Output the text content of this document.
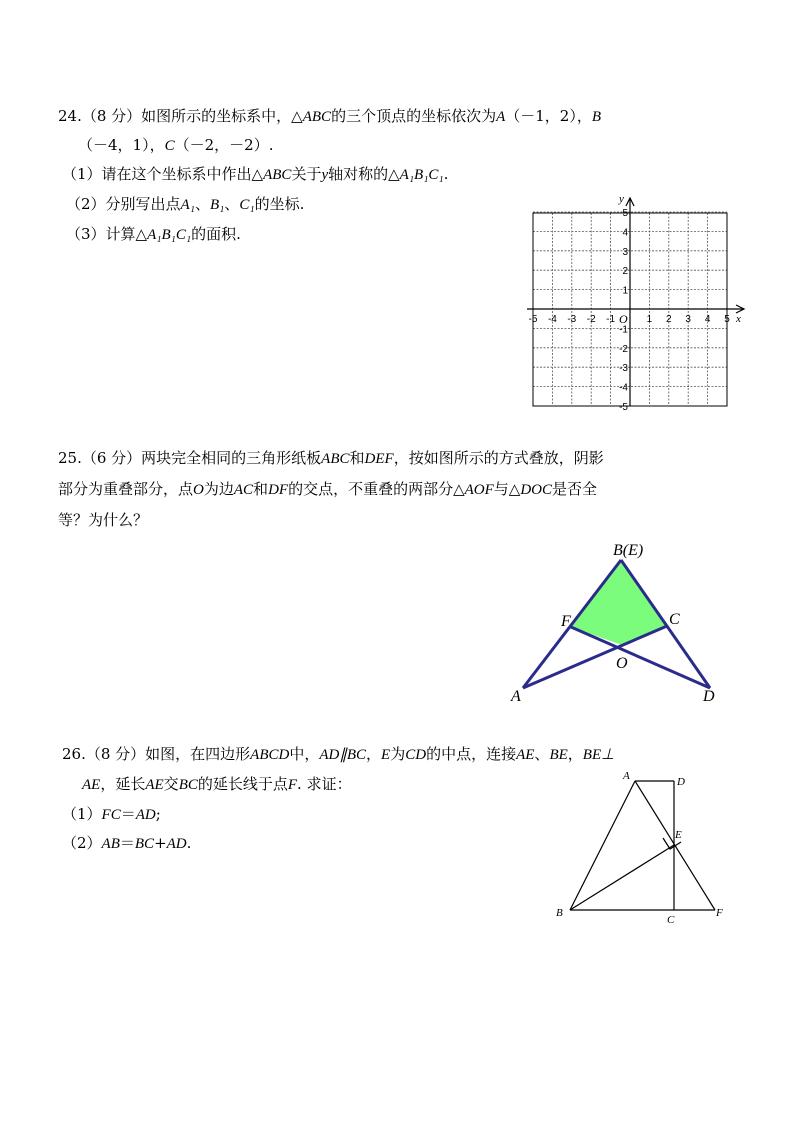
24.（8 分）如图所示的坐标系中，△ABC的三个顶点的坐标依次为A（－1，2），B
（－4，1），C（－2，－2）.
（1）请在这个坐标系中作出△ABC关于y轴对称的△A₁B₁C₁.
（2）分别写出点A₁、B₁、C₁的坐标.
（3）计算△A₁B₁C₁的面积.
x
y
O
-5 -4 -3 -2 -1	1 2 3 4 5
5
4
3
2
1
-1
-2
-3
-4
-5
25.（6 分）两块完全相同的三角形纸板ABC和DEF，按如图所示的方式叠放，阴影
部分为重叠部分，点O为边AC和DF的交点，不重叠的两部分△AOF与△DOC是否全
等？为什么？
B(E)
F	C
O
A	D
26.（8 分）如图，在四边形ABCD中，AD∥BC，E为CD的中点，连接AE、BE，BE⊥
AE，延长AE交BC的延长线于点F. 求证：
（1）FC＝AD;
（2）AB＝BC+AD.
A	D
E
B
C
F
